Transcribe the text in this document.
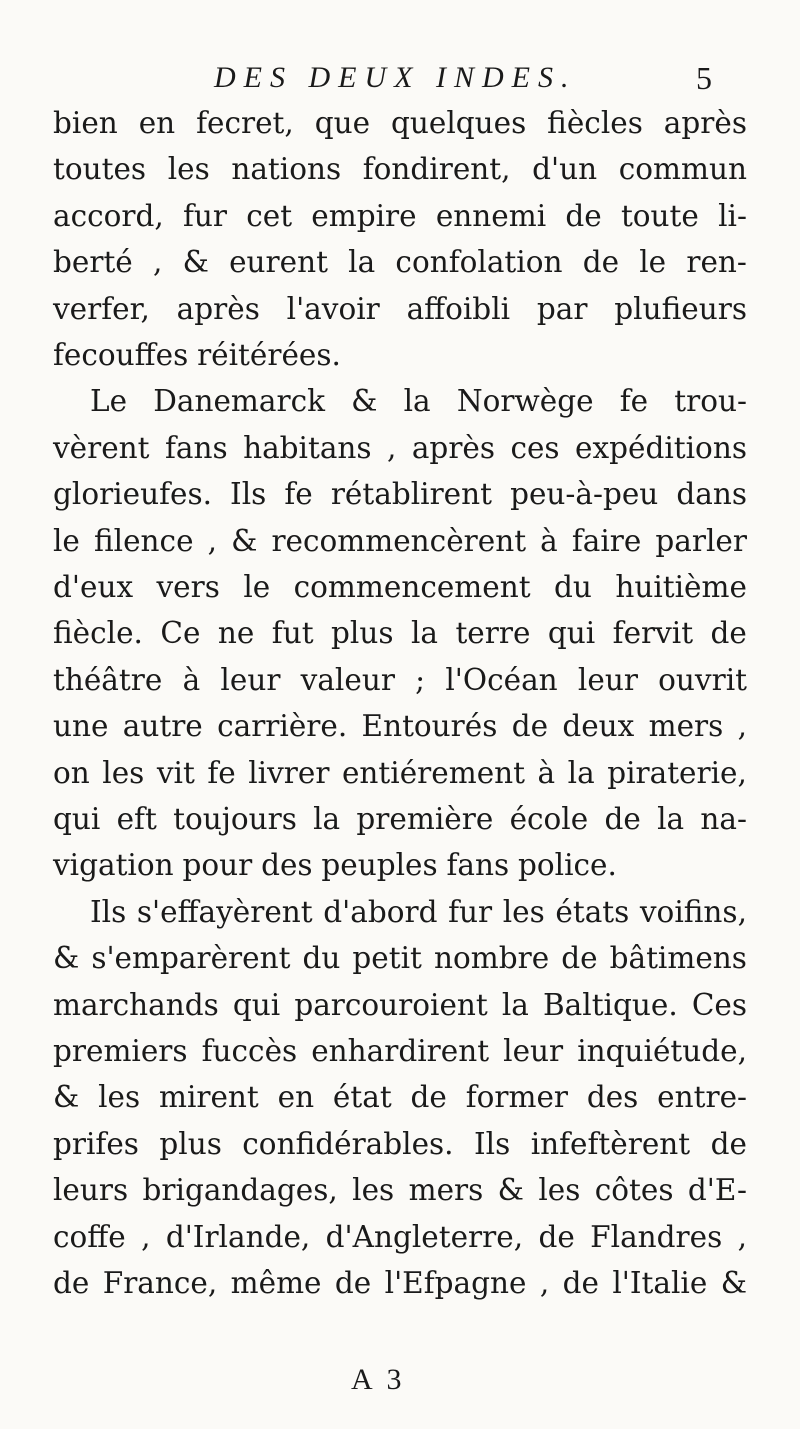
DES DEUX INDES.	5
bien en fecret, que quelques fiècles après
toutes les nations fondirent, d'un commun
accord, fur cet empire ennemi de toute li-
berté , & eurent la confolation de le ren-
verfer, après l'avoir affoibli par plufieurs
fecouffes réitérées.
Le Danemarck & la Norwège fe trou-
vèrent fans habitans , après ces expéditions
glorieufes. Ils fe rétablirent peu-à-peu dans
le filence , & recommencèrent à faire parler
d'eux vers le commencement du huitième
fiècle. Ce ne fut plus la terre qui fervit de
théâtre à leur valeur ; l'Océan leur ouvrit
une autre carrière. Entourés de deux mers ,
on les vit fe livrer entiérement à la piraterie,
qui eft toujours la première école de la na-
vigation pour des peuples fans police.
Ils s'effayèrent d'abord fur les états voifins,
& s'emparèrent du petit nombre de bâtimens
marchands qui parcouroient la Baltique. Ces
premiers fuccès enhardirent leur inquiétude,
& les mirent en état de former des entre-
prifes plus confidérables. Ils infeftèrent de
leurs brigandages, les mers & les côtes d'E-
coffe , d'Irlande, d'Angleterre, de Flandres ,
de France, même de l'Efpagne , de l'Italie &
A 3
